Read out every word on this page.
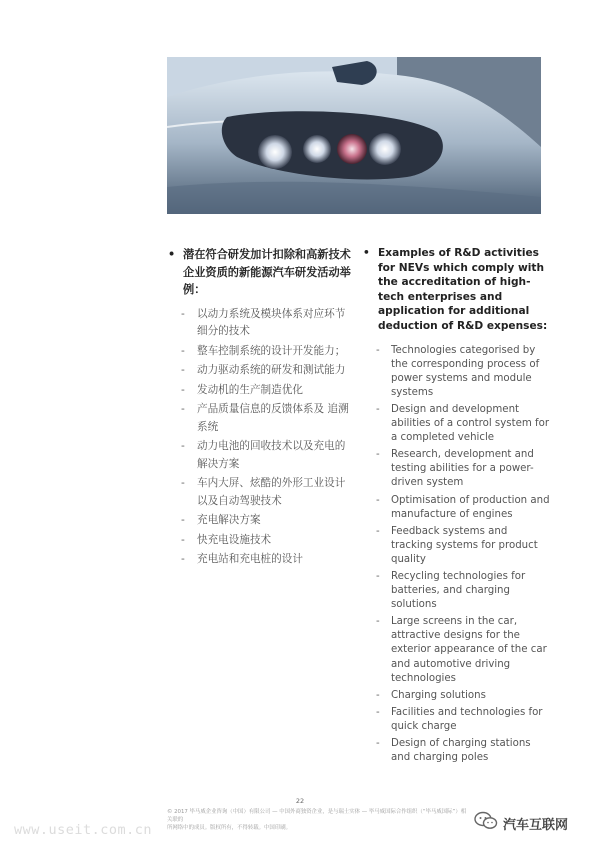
• 潜在符合研发加计扣除和高新技术企业资质的新能源汽车研发活动举例：
- 以动力系统及模块体系对应环节细分的技术
- 整车控制系统的设计开发能力；
- 动力驱动系统的研发和测试能力
- 发动机的生产制造优化
- 产品质量信息的反馈体系及 追溯系统
- 动力电池的回收技术以及充电的解决方案
- 车内大屏、炫酷的外形工业设计以及自动驾驶技术
- 充电解决方案
- 快充电设施技术
- 充电站和充电桩的设计
• Examples of R&D activities for NEVs which comply with the accreditation of high-tech enterprises and application for additional deduction of R&D expenses:
- Technologies categorised by the corresponding process of power systems and module systems
- Design and development abilities of a control system for a completed vehicle
- Research, development and testing abilities for a power-driven system
- Optimisation of production and manufacture of engines
- Feedback systems and tracking systems for product quality
- Recycling technologies for batteries, and charging solutions
- Large screens in the car, attractive designs for the exterior appearance of the car and automotive driving technologies
- Charging solutions
- Facilities and technologies for quick charge
- Design of charging stations and charging poles
22
© 2017 毕马威企业咨询（中国）有限公司 — 中国外商独资企业，是与瑞士实体 — 毕马威国际合作组织（“毕马威国际”）相关联的
所网络中的成员。版权所有，不得转载。中国印刷。
www.useit.com.cn	汽车互联网
